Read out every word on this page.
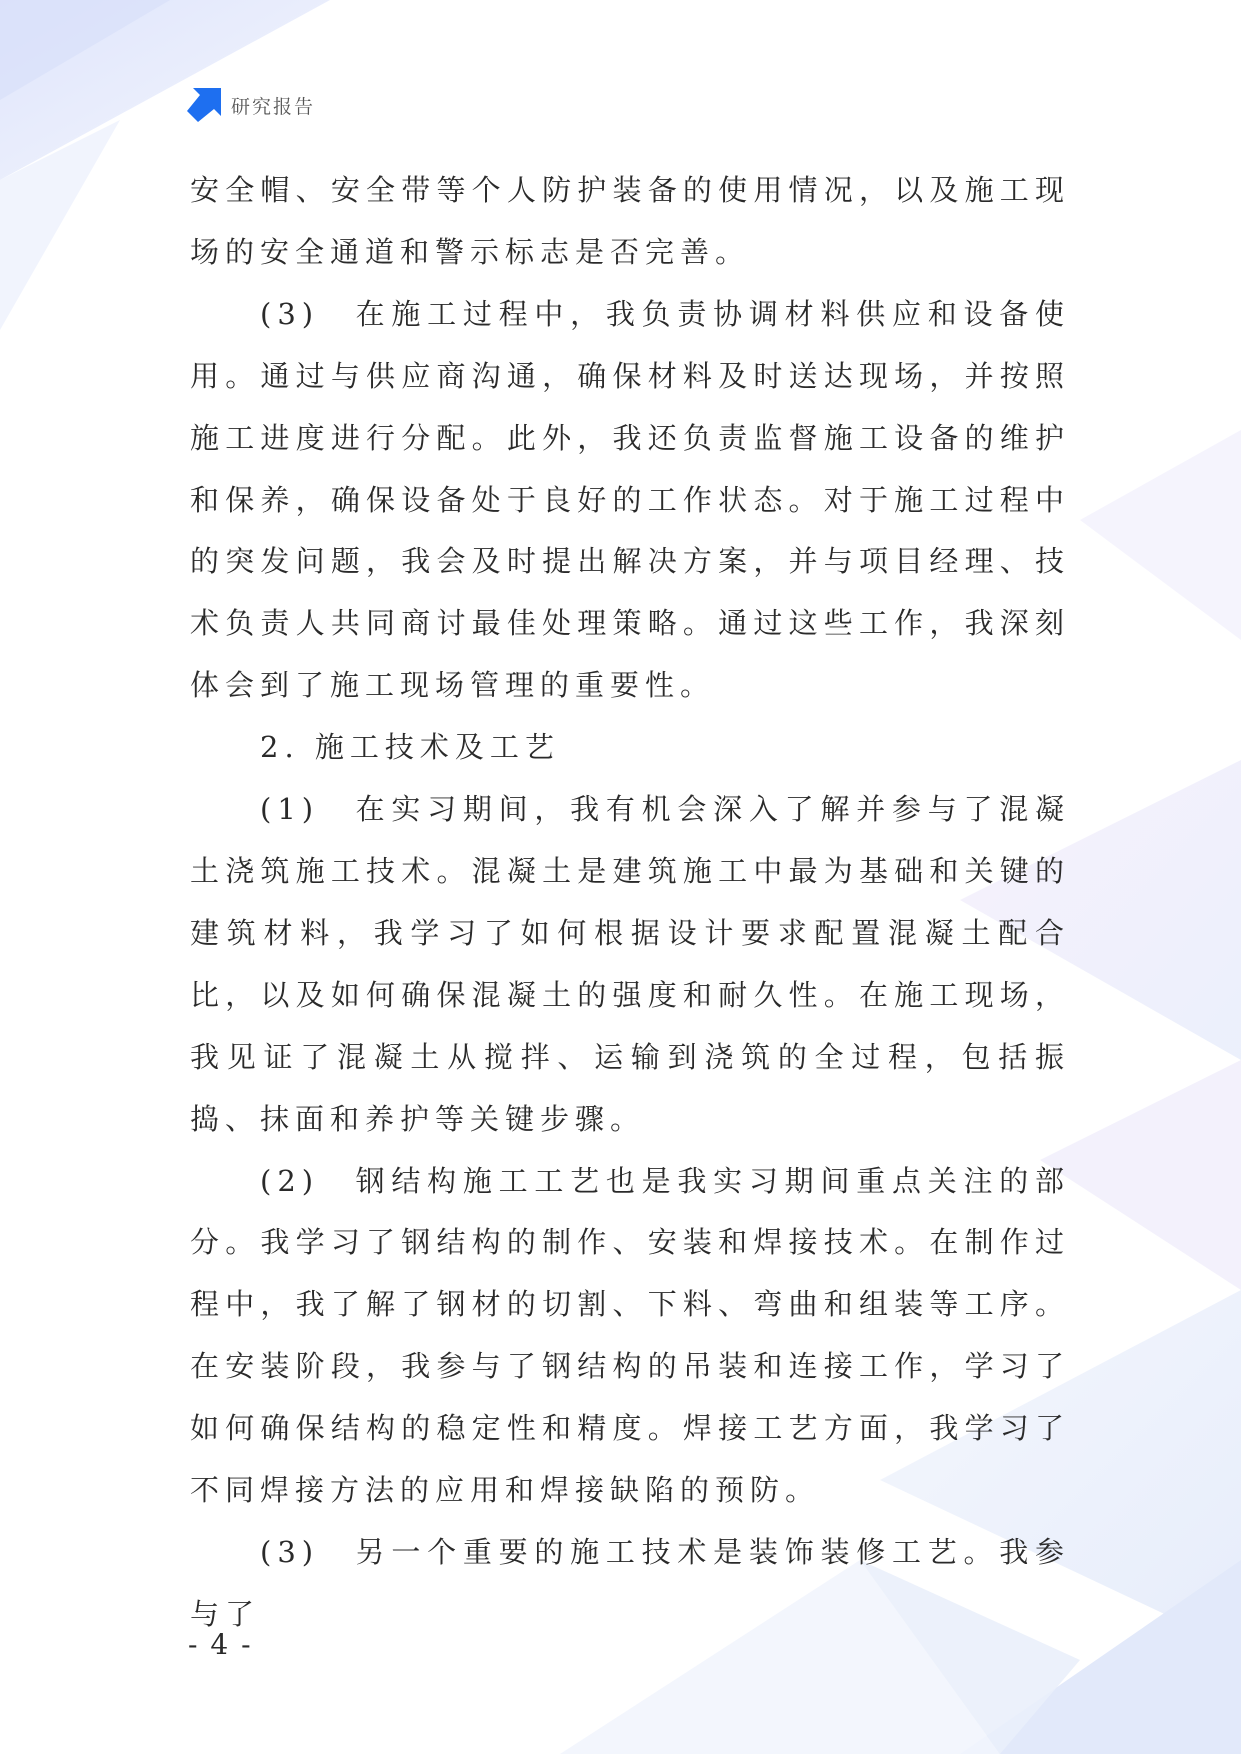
研究报告

安全帽、安全带等个人防护装备的使用情况，以及施工现场的安全通道和警示标志是否完善。

(3)　在施工过程中，我负责协调材料供应和设备使用。通过与供应商沟通，确保材料及时送达现场，并按照施工进度进行分配。此外，我还负责监督施工设备的维护和保养，确保设备处于良好的工作状态。对于施工过程中的突发问题，我会及时提出解决方案，并与项目经理、技术负责人共同商讨最佳处理策略。通过这些工作，我深刻体会到了施工现场管理的重要性。

2. 施工技术及工艺

(1)　在实习期间，我有机会深入了解并参与了混凝土浇筑施工技术。混凝土是建筑施工中最为基础和关键的建筑材料，我学习了如何根据设计要求配置混凝土配合比，以及如何确保混凝土的强度和耐久性。在施工现场，我见证了混凝土从搅拌、运输到浇筑的全过程，包括振捣、抹面和养护等关键步骤。

(2)　钢结构施工工艺也是我实习期间重点关注的部分。我学习了钢结构的制作、安装和焊接技术。在制作过程中，我了解了钢材的切割、下料、弯曲和组装等工序。在安装阶段，我参与了钢结构的吊装和连接工作，学习了如何确保结构的稳定性和精度。焊接工艺方面，我学习了不同焊接方法的应用和焊接缺陷的预防。

(3)　另一个重要的施工技术是装饰装修工艺。我参与了

- 4 -
